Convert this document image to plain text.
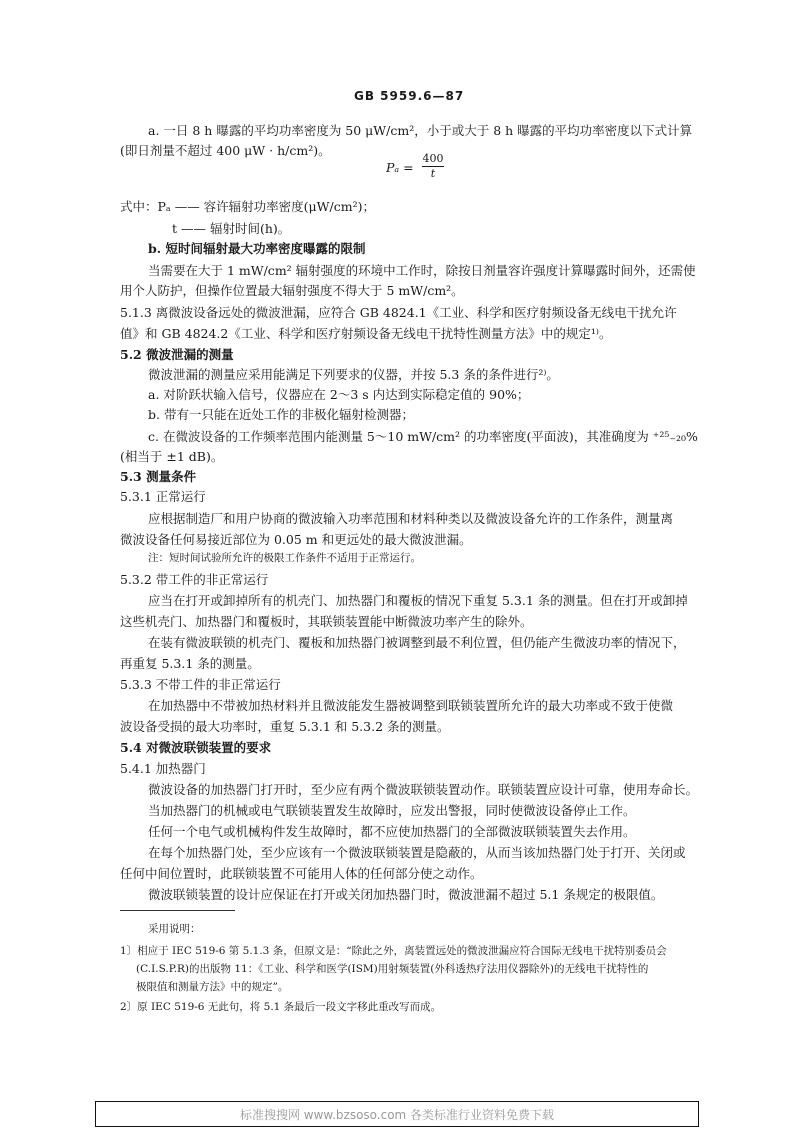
GB 5959.6—87
a. 一日 8 h 曝露的平均功率密度为 50 μW/cm²，小于或大于 8 h 曝露的平均功率密度以下式计算
(即日剂量不超过 400 μW · h/cm²)。
$P_a = \frac{400}{t}$
式中：Pₐ —— 容许辐射功率密度(μW/cm²)；
t —— 辐射时间(h)。
b. 短时间辐射最大功率密度曝露的限制
当需要在大于 1 mW/cm² 辐射强度的环境中工作时，除按日剂量容许强度计算曝露时间外，还需使
用个人防护，但操作位置最大辐射强度不得大于 5 mW/cm²。
5.1.3 离微波设备远处的微波泄漏，应符合 GB 4824.1《工业、科学和医疗射频设备无线电干扰允许
值》和 GB 4824.2《工业、科学和医疗射频设备无线电干扰特性测量方法》中的规定¹⁾。
5.2 微波泄漏的测量
微波泄漏的测量应采用能满足下列要求的仪器，并按 5.3 条的条件进行²⁾。
a. 对阶跃状输入信号，仪器应在 2～3 s 内达到实际稳定值的 90%；
b. 带有一只能在近处工作的非极化辐射检测器；
c. 在微波设备的工作频率范围内能测量 5～10 mW/cm² 的功率密度(平面波)，其准确度为 ⁺²⁵₋₂₀%
(相当于 ±1 dB)。
5.3 测量条件
5.3.1 正常运行
应根据制造厂和用户协商的微波输入功率范围和材料种类以及微波设备允许的工作条件，测量离
微波设备任何易接近部位为 0.05 m 和更远处的最大微波泄漏。
注：短时间试验所允许的极限工作条件不适用于正常运行。
5.3.2 带工件的非正常运行
应当在打开或卸掉所有的机壳门、加热器门和覆板的情况下重复 5.3.1 条的测量。但在打开或卸掉
这些机壳门、加热器门和覆板时，其联锁装置能中断微波功率产生的除外。
在装有微波联锁的机壳门、覆板和加热器门被调整到最不利位置，但仍能产生微波功率的情况下，
再重复 5.3.1 条的测量。
5.3.3 不带工件的非正常运行
在加热器中不带被加热材料并且微波能发生器被调整到联锁装置所允许的最大功率或不致于使微
波设备受损的最大功率时，重复 5.3.1 和 5.3.2 条的测量。
5.4 对微波联锁装置的要求
5.4.1 加热器门
微波设备的加热器门打开时，至少应有两个微波联锁装置动作。联锁装置应设计可靠，使用寿命长。
当加热器门的机械或电气联锁装置发生故障时，应发出警报，同时使微波设备停止工作。
任何一个电气或机械构件发生故障时，都不应使加热器门的全部微波联锁装置失去作用。
在每个加热器门处，至少应该有一个微波联锁装置是隐蔽的，从而当该加热器门处于打开、关闭或
任何中间位置时，此联锁装置不可能用人体的任何部分使之动作。
微波联锁装置的设计应保证在打开或关闭加热器门时，微波泄漏不超过 5.1 条规定的极限值。
采用说明：
1〕相应于 IEC 519-6 第 5.1.3 条，但原文是：“除此之外，离装置远处的微波泄漏应符合国际无线电干扰特别委员会
(C.I.S.P.R)的出版物 11：《工业、科学和医学(ISM)用射频装置(外科透热疗法用仪器除外)的无线电干扰特性的
极限值和测量方法》中的规定”。
2〕原 IEC 519-6 无此句，将 5.1 条最后一段文字移此重改写而成。
标准搜搜网 www.bzsoso.com 各类标准行业资料免费下载
